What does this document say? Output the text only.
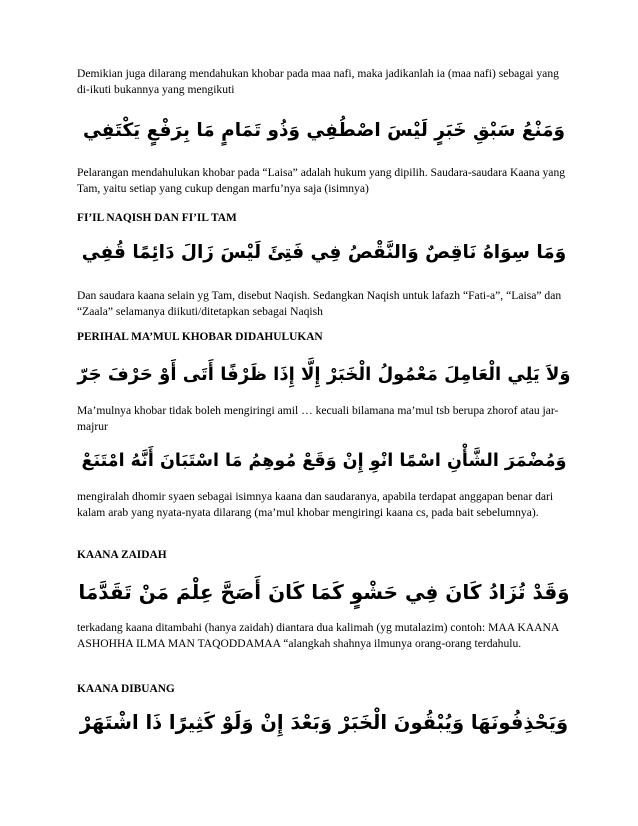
Demikian juga dilarang mendahukan khobar pada maa nafi, maka jadikanlah ia (maa nafi) sebagai yang di-ikuti bukannya yang mengikuti

وَمَنْعُ سَبْقِ خَبَرٍ لَيْسَ اصْطُفِي وَذُو تَمَامٍ مَا بِرَفْعٍ يَكْتَفِي

Pelarangan mendahulukan khobar pada “Laisa” adalah hukum yang dipilih. Saudara-saudara Kaana yang Tam, yaitu setiap yang cukup dengan marfu’nya saja (isimnya)

FI’IL NAQISH DAN FI’IL TAM

وَمَا سِوَاهُ نَاقِصٌ وَالنَّقْصُ فِي فَتِئَ لَيْسَ زَالَ دَائِمًا قُفِي

Dan saudara kaana selain yg Tam, disebut Naqish. Sedangkan Naqish untuk lafazh “Fati-a”, “Laisa” dan “Zaala” selamanya diikuti/ditetapkan sebagai Naqish

PERIHAL MA’MUL KHOBAR DIDAHULUKAN

وَلاَ يَلِي الْعَامِلَ مَعْمُولُ الْخَبَرْ إِلَّا إِذَا ظَرْفًا أَتَى أَوْ حَرْفَ جَرّ

Ma’mulnya khobar tidak boleh mengiringi amil … kecuali bilamana ma’mul tsb berupa zhorof atau jar-majrur

وَمُضْمَرَ الشَّأْنِ اسْمًا انْوِ إِنْ وَقَعْ مُوهِمُ مَا اسْتَبَانَ أَنَّهُ امْتَنَعْ

mengiralah dhomir syaen sebagai isimnya kaana dan saudaranya, apabila terdapat anggapan benar dari kalam arab yang nyata-nyata dilarang (ma’mul khobar mengiringi kaana cs, pada bait sebelumnya).

KAANA ZAIDAH

وَقَدْ تُزَادُ كَانَ فِي حَشْوٍ كَمَا كَانَ أَصَحَّ عِلْمَ مَنْ تَقَدَّمَا

terkadang kaana ditambahi (hanya zaidah) diantara dua kalimah (yg mutalazim) contoh: MAA KAANA ASHOHHA ILMA MAN TAQODDAMAA “alangkah shahnya ilmunya orang-orang terdahulu.

KAANA DIBUANG

وَيَحْذِفُونَهَا وَيُبْقُونَ الْخَبَرْ وَبَعْدَ إِنْ وَلَوْ كَثِيرًا ذَا اشْتَهَرْ
